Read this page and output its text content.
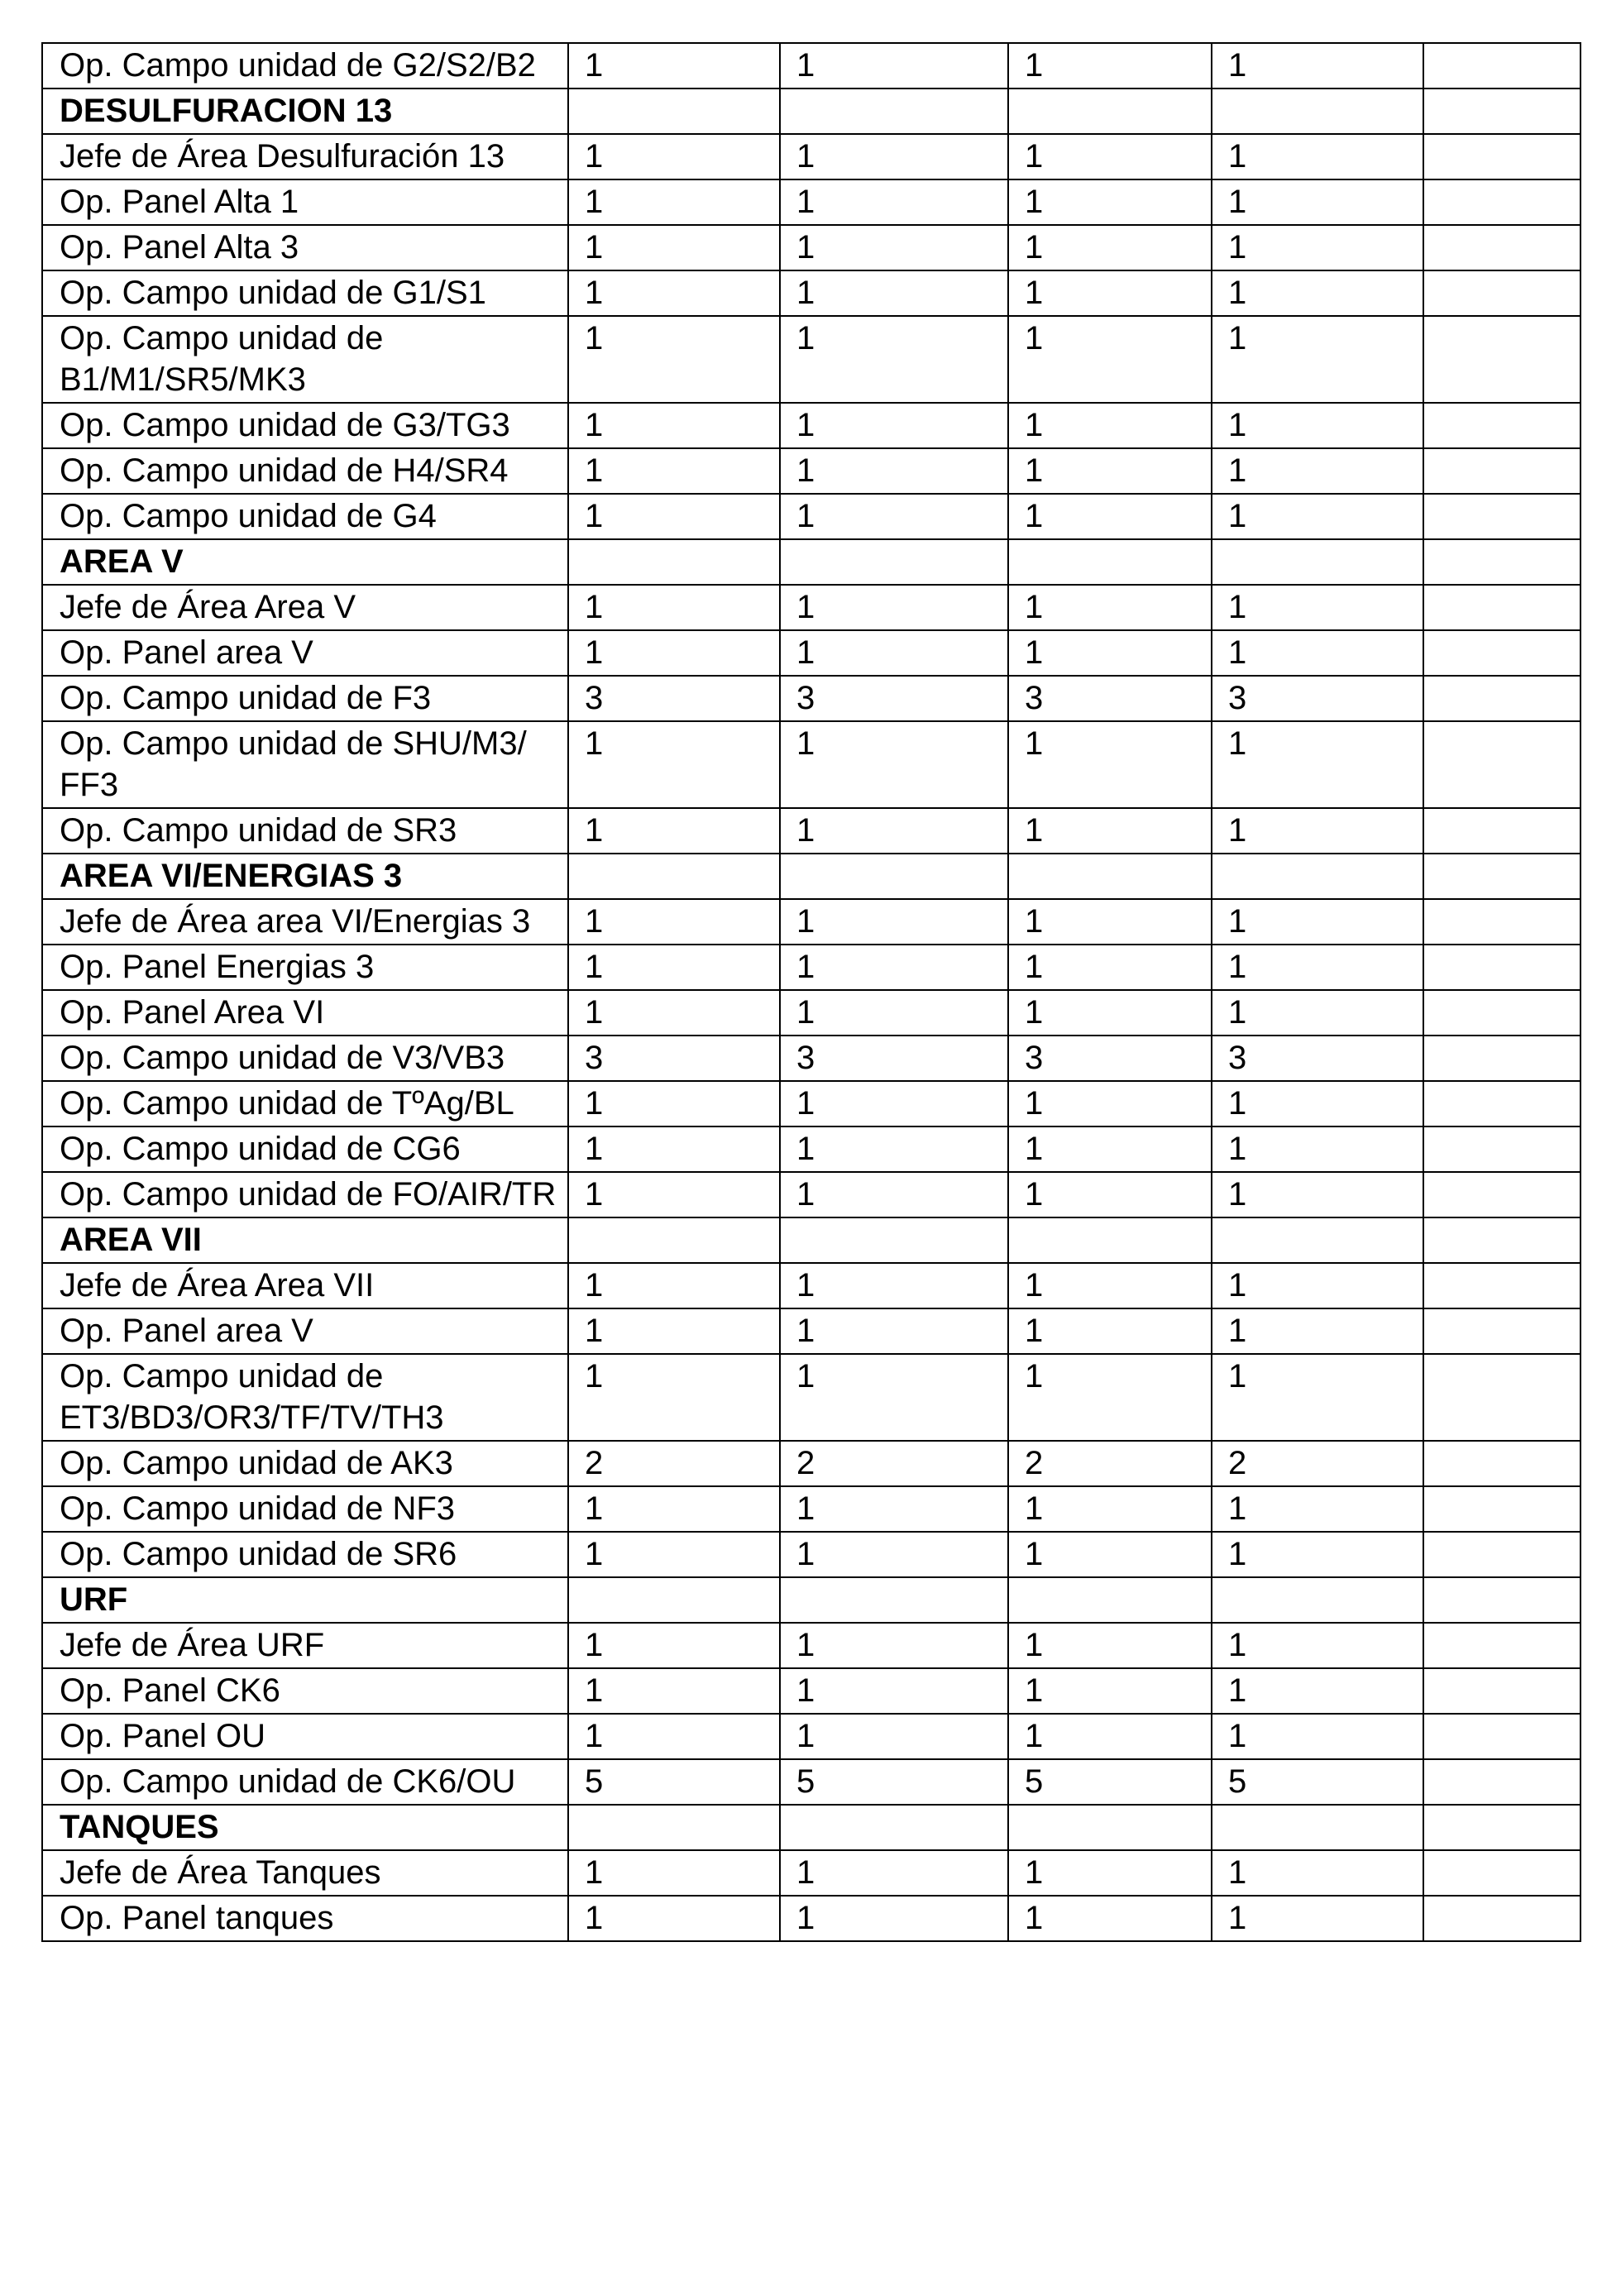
Op. Campo unidad de G2/S2/B2	1	1	1	1	
DESULFURACION 13					
Jefe de Área Desulfuración 13	1	1	1	1	
Op. Panel Alta 1	1	1	1	1	
Op. Panel Alta 3	1	1	1	1	
Op. Campo unidad de G1/S1	1	1	1	1	
Op. Campo unidad de B1/M1/SR5/MK3	1	1	1	1	
Op. Campo unidad de G3/TG3	1	1	1	1	
Op. Campo unidad de H4/SR4	1	1	1	1	
Op. Campo unidad de G4	1	1	1	1	
AREA V					
Jefe de Área Area V	1	1	1	1	
Op. Panel area V	1	1	1	1	
Op. Campo unidad de F3	3	3	3	3	
Op. Campo unidad de SHU/M3/ FF3	1	1	1	1	
Op. Campo unidad de SR3	1	1	1	1	
AREA VI/ENERGIAS 3					
Jefe de Área area VI/Energias 3	1	1	1	1	
Op. Panel Energias 3	1	1	1	1	
Op. Panel Area VI	1	1	1	1	
Op. Campo unidad de V3/VB3	3	3	3	3	
Op. Campo unidad de TºAg/BL	1	1	1	1	
Op. Campo unidad de CG6	1	1	1	1	
Op. Campo unidad de FO/AIR/TR	1	1	1	1	
AREA VII					
Jefe de Área Area VII	1	1	1	1	
Op. Panel area V	1	1	1	1	
Op. Campo unidad de ET3/BD3/OR3/TF/TV/TH3	1	1	1	1	
Op. Campo unidad de AK3	2	2	2	2	
Op. Campo unidad de NF3	1	1	1	1	
Op. Campo unidad de SR6	1	1	1	1	
URF					
Jefe de Área URF	1	1	1	1	
Op. Panel CK6	1	1	1	1	
Op. Panel OU	1	1	1	1	
Op. Campo unidad de CK6/OU	5	5	5	5	
TANQUES					
Jefe de Área Tanques	1	1	1	1	
Op. Panel tanques	1	1	1	1	
